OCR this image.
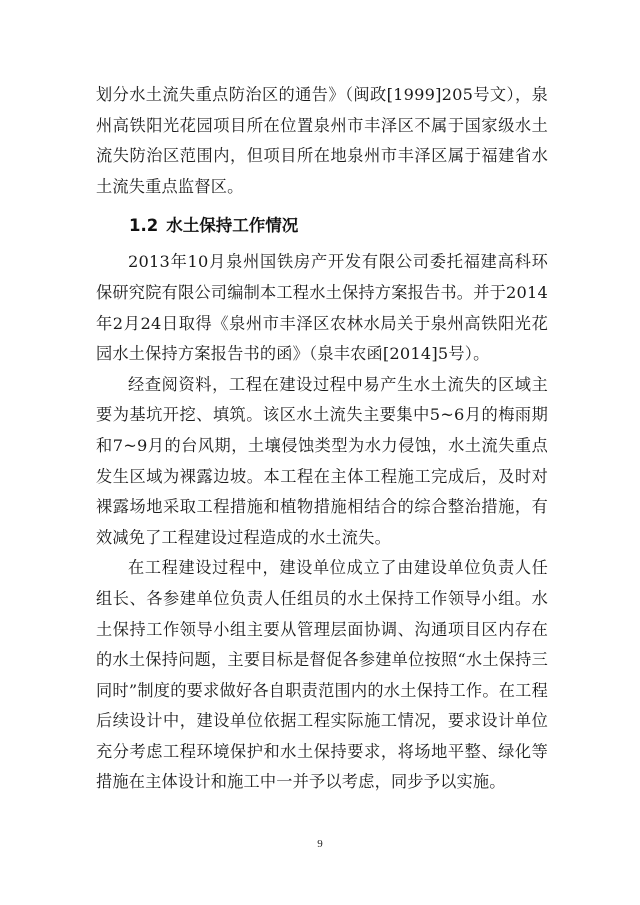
划分水土流失重点防治区的通告》（闽政[1999]205号文），泉州高铁阳光花园项目所在位置泉州市丰泽区不属于国家级水土流失防治区范围内，但项目所在地泉州市丰泽区属于福建省水土流失重点监督区。

1.2 水土保持工作情况

2013年10月泉州国铁房产开发有限公司委托福建高科环保研究院有限公司编制本工程水土保持方案报告书。并于2014年2月24日取得《泉州市丰泽区农林水局关于泉州高铁阳光花园水土保持方案报告书的函》（泉丰农函[2014]5号）。

经查阅资料，工程在建设过程中易产生水土流失的区域主要为基坑开挖、填筑。该区水土流失主要集中5~6月的梅雨期和7~9月的台风期，土壤侵蚀类型为水力侵蚀，水土流失重点发生区域为裸露边坡。本工程在主体工程施工完成后，及时对裸露场地采取工程措施和植物措施相结合的综合整治措施，有效减免了工程建设过程造成的水土流失。

在工程建设过程中，建设单位成立了由建设单位负责人任组长、各参建单位负责人任组员的水土保持工作领导小组。水土保持工作领导小组主要从管理层面协调、沟通项目区内存在的水土保持问题，主要目标是督促各参建单位按照“水土保持三同时”制度的要求做好各自职责范围内的水土保持工作。在工程后续设计中，建设单位依据工程实际施工情况，要求设计单位充分考虑工程环境保护和水土保持要求，将场地平整、绿化等措施在主体设计和施工中一并予以考虑，同步予以实施。

9
